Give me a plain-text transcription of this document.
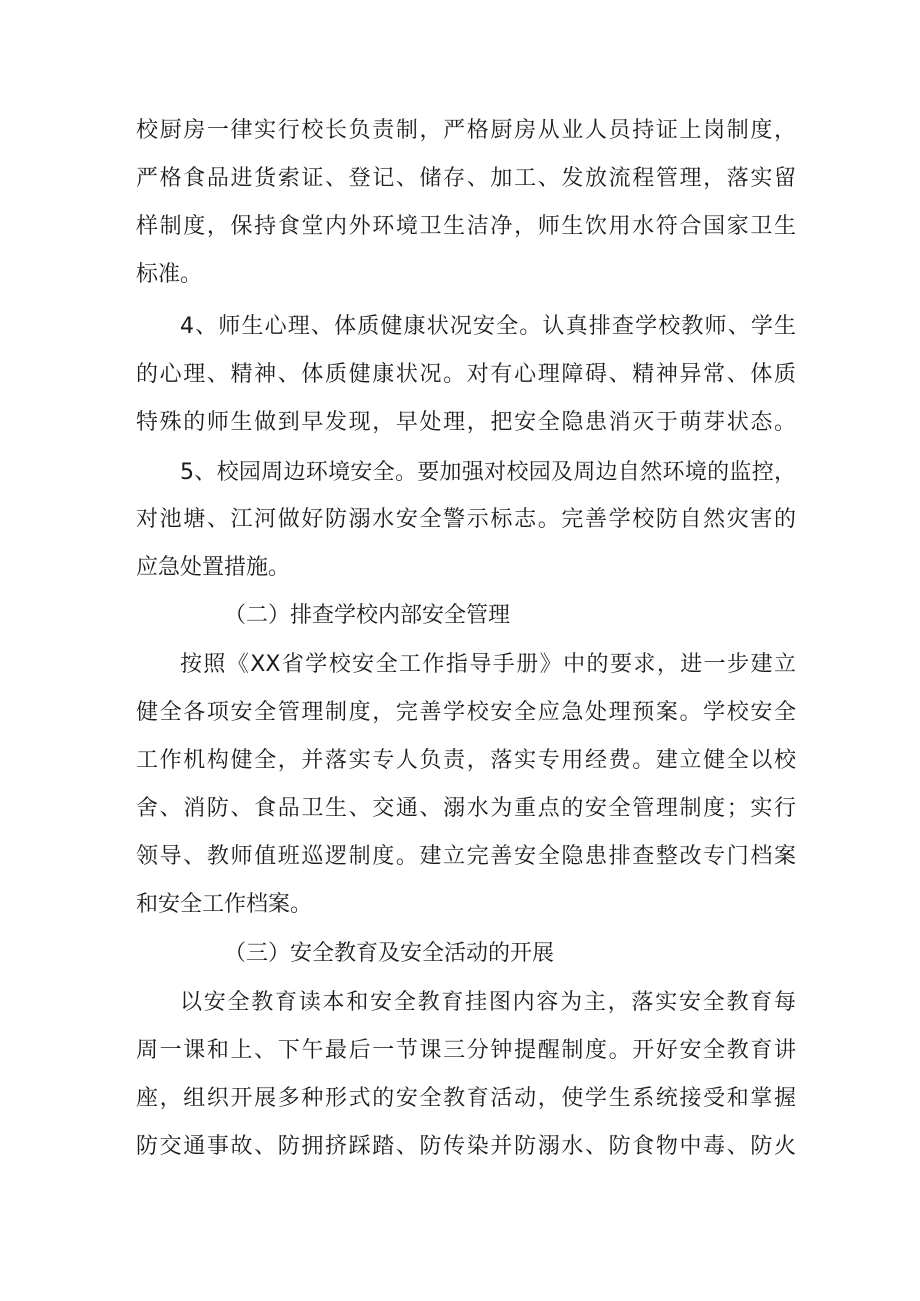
校厨房一律实行校长负责制，严格厨房从业人员持证上岗制度，
严格食品进货索证、登记、储存、加工、发放流程管理，落实留
样制度，保持食堂内外环境卫生洁净，师生饮用水符合国家卫生
标准。
4、师生心理、体质健康状况安全。认真排查学校教师、学生
的心理、精神、体质健康状况。对有心理障碍、精神异常、体质
特殊的师生做到早发现，早处理，把安全隐患消灭于萌芽状态。
5、校园周边环境安全。要加强对校园及周边自然环境的监控，
对池塘、江河做好防溺水安全警示标志。完善学校防自然灾害的
应急处置措施。
（二）排查学校内部安全管理
按照《XX省学校安全工作指导手册》中的要求，进一步建立
健全各项安全管理制度，完善学校安全应急处理预案。学校安全
工作机构健全，并落实专人负责，落实专用经费。建立健全以校
舍、消防、食品卫生、交通、溺水为重点的安全管理制度；实行
领导、教师值班巡逻制度。建立完善安全隐患排查整改专门档案
和安全工作档案。
（三）安全教育及安全活动的开展
以安全教育读本和安全教育挂图内容为主，落实安全教育每
周一课和上、下午最后一节课三分钟提醒制度。开好安全教育讲
座，组织开展多种形式的安全教育活动，使学生系统接受和掌握
防交通事故、防拥挤踩踏、防传染并防溺水、防食物中毒、防火
